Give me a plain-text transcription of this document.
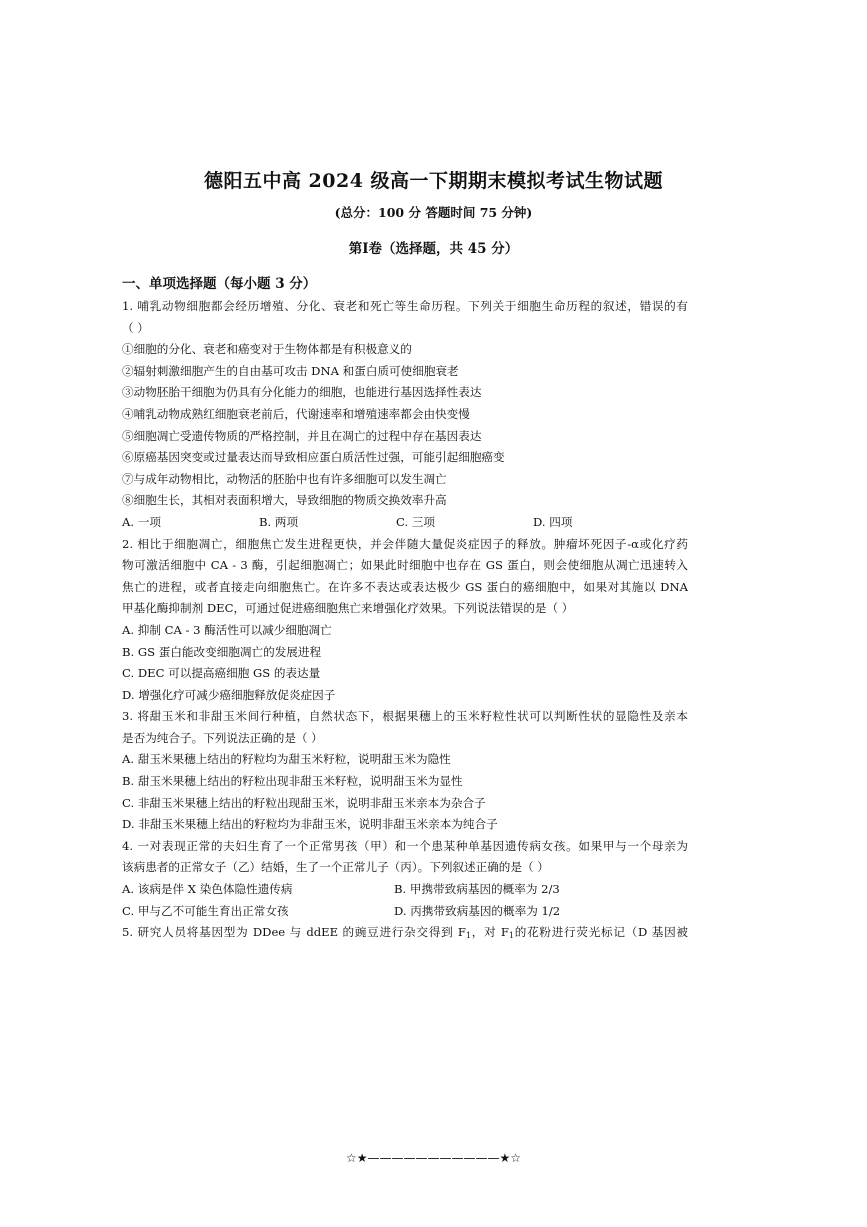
德阳五中高 2024 级高一下期期末模拟考试生物试题
(总分：100 分 答题时间 75 分钟)
第Ⅰ卷（选择题，共 45 分）
一、单项选择题（每小题 3 分）
1. 哺乳动物细胞都会经历增殖、分化、衰老和死亡等生命历程。下列关于细胞生命历程的叙述，错误的有
（ ）
①细胞的分化、衰老和癌变对于生物体都是有积极意义的
②辐射刺激细胞产生的自由基可攻击 DNA 和蛋白质可使细胞衰老
③动物胚胎干细胞为仍具有分化能力的细胞，也能进行基因选择性表达
④哺乳动物成熟红细胞衰老前后，代谢速率和增殖速率都会由快变慢
⑤细胞凋亡受遗传物质的严格控制，并且在凋亡的过程中存在基因表达
⑥原癌基因突变或过量表达而导致相应蛋白质活性过强，可能引起细胞癌变
⑦与成年动物相比，动物活的胚胎中也有许多细胞可以发生凋亡
⑧细胞生长，其相对表面积增大，导致细胞的物质交换效率升高
A. 一项	B. 两项	C. 三项	D. 四项
2. 相比于细胞凋亡，细胞焦亡发生进程更快，并会伴随大量促炎症因子的释放。肿瘤坏死因子-α或化疗药
物可激活细胞中 CA - 3 酶，引起细胞凋亡；如果此时细胞中也存在 GS 蛋白，则会使细胞从凋亡迅速转入
焦亡的进程，或者直接走向细胞焦亡。在许多不表达或表达极少 GS 蛋白的癌细胞中，如果对其施以 DNA
甲基化酶抑制剂 DEC，可通过促进癌细胞焦亡来增强化疗效果。下列说法错误的是（ ）
A. 抑制 CA - 3 酶活性可以减少细胞凋亡
B. GS 蛋白能改变细胞凋亡的发展进程
C. DEC 可以提高癌细胞 GS 的表达量
D. 增强化疗可减少癌细胞释放促炎症因子
3. 将甜玉米和非甜玉米间行种植，自然状态下，根据果穗上的玉米籽粒性状可以判断性状的显隐性及亲本
是否为纯合子。下列说法正确的是（ ）
A. 甜玉米果穗上结出的籽粒均为甜玉米籽粒，说明甜玉米为隐性
B. 甜玉米果穗上结出的籽粒出现非甜玉米籽粒，说明甜玉米为显性
C. 非甜玉米果穗上结出的籽粒出现甜玉米，说明非甜玉米亲本为杂合子
D. 非甜玉米果穗上结出的籽粒均为非甜玉米，说明非甜玉米亲本为纯合子
4. 一对表现正常的夫妇生育了一个正常男孩（甲）和一个患某种单基因遗传病女孩。如果甲与一个母亲为
该病患者的正常女子（乙）结婚，生了一个正常儿子（丙）。下列叙述正确的是（ ）
A. 该病是伴 X 染色体隐性遗传病	B. 甲携带致病基因的概率为 2/3
C. 甲与乙不可能生育出正常女孩	D. 丙携带致病基因的概率为 1/2
5. 研究人员将基因型为 DDee 与 ddEE 的豌豆进行杂交得到 $F_1$，对 $F_1$的花粉进行荧光标记（D 基因被
☆★———————————★☆
